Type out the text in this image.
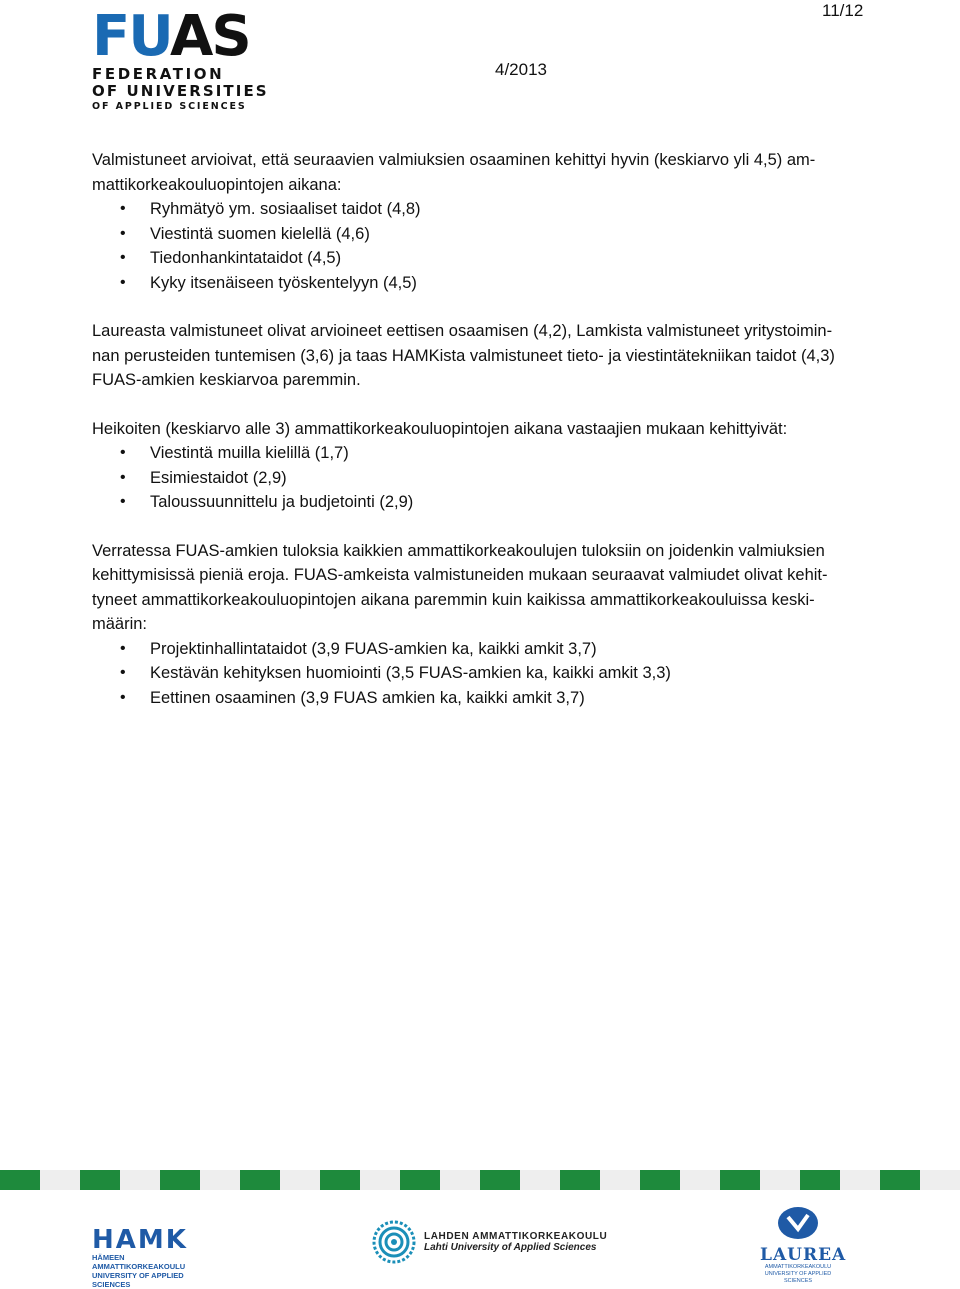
11/12
FUAS
FEDERATION
OF UNIVERSITIES
OF APPLIED SCIENCES
4/2013

Valmistuneet arvioivat, että seuraavien valmiuksien osaaminen kehittyi hyvin (keskiarvo yli 4,5) am-
mattikorkeakouluopintojen aikana:

• Ryhmätyö ym. sosiaaliset taidot (4,8)
• Viestintä suomen kielellä (4,6)
• Tiedonhankintataidot (4,5)
• Kyky itsenäiseen työskentelyyn (4,5)

Laureasta valmistuneet olivat arvioineet eettisen osaamisen (4,2), Lamkista valmistuneet yritystoimin-
nan perusteiden tuntemisen (3,6) ja taas HAMKista valmistuneet tieto- ja viestintätekniikan taidot (4,3)
FUAS-amkien keskiarvoa paremmin.

Heikoiten (keskiarvo alle 3) ammattikorkeakouluopintojen aikana vastaajien mukaan kehittyivät:

• Viestintä muilla kielillä (1,7)
• Esimiestaidot (2,9)
• Taloussuunnittelu ja budjetointi (2,9)

Verratessa FUAS-amkien tuloksia kaikkien ammattikorkeakoulujen tuloksiin on joidenkin valmiuksien
kehittymisissä pieniä eroja. FUAS-amkeista valmistuneiden mukaan seuraavat valmiudet olivat kehit-
tyneet ammattikorkeakouluopintojen aikana paremmin kuin kaikissa ammattikorkeakouluissa keski-
määrin:

• Projektinhallintataidot (3,9 FUAS-amkien ka, kaikki amkit 3,7)
• Kestävän kehityksen huomiointi (3,5 FUAS-amkien ka, kaikki amkit 3,3)
• Eettinen osaaminen (3,9 FUAS amkien ka, kaikki amkit 3,7)
HAMK
HÄMEEN AMMATTIKORKEAKOULU
UNIVERSITY OF APPLIED SCIENCES
LAHDEN AMMATTIKORKEAKOULU
Lahti University of Applied Sciences	LAUREA
AMMATTIKORKEAKOULU
UNIVERSITY OF APPLIED SCIENCES
